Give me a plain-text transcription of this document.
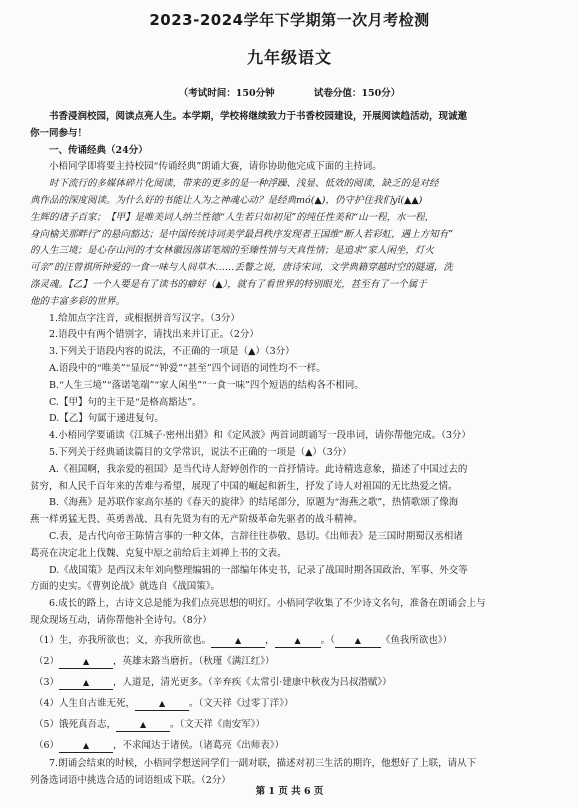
2023-2024学年下学期第一次月考检测
九年级语文
（考试时间：150分钟	试卷分值：150分）
书香浸润校园，阅读点亮人生。本学期，学校将继续致力于书香校园建设，开展阅读趋活动，现诚邀
你一同参与！
一、传诵经典（24分）
小梧同学即将要主持校园“传诵经典”朗诵大赛，请你协助他完成下面的主持词。
时下流行的多媒体碎片化阅读，带来的更多的是一种浮躁、浅显、低效的阅读，缺乏的是对经
典作品的深度阅读。为什么好的书能让人为之神魂心动？是经典mó(▲)，仍守护住我们yǐ(▲▲)
生辉的诸子百家；【甲】是唯美词人纳兰性德“人生若只如初见”的纯任性美和“山一程，水一程，
身向榆关那畔行”的悬向豁达；是中国传统诗词美学最昌秩序发现者王国维“断人若彩虹，遇上方知有”
的人生三境；是心存山河的才女林徽因落诺笔端的至臻性情与天真性情；是追求“家人闲坐，灯火
可亲”的汪曾祺所钟爱的一食一味与人间草木……丢瞥之说，唐诗宋词，文学典籍穿越时空的隧道，洗
涤灵魂。【乙】一个人要是有了读书的癖好（▲），就有了看世界的特别眼光，甚至有了一个属于
他的丰富多彩的世界。
1.给加点字注音，或根据拼音写汉字。（3分）
2.语段中有两个错别字，请找出来并订正。（2分）
3.下列关于语段内容的说法，不正确的一项是（▲）（3分）
A.语段中的“唯美”“显辰”“钟爱”“甚至”四个词语的词性均不一样。
B.“人生三境”“落诺笔端”“家人闲坐”“一食一味”四个短语的结构各不相同。
C.【甲】句的主干是“是格高豁达”。
D.【乙】句属于递进复句。
4.小梧同学要诵读《江城子·密州出猎》和《定风波》两首词朗诵写一段串词，请你帮他完成。（3分）
5.下列关于经典诵读篇目的文学常识，说法不正确的一项是（▲）（3分）
A.《祖国啊，我亲爱的祖国》是当代诗人舒婷创作的一首抒情诗。此诗精选意象，描述了中国过去的
贫穷，和人民千百年来的苦难与希望，展现了中国的崛起和新生，抒发了诗人对祖国的无比热爱之情。
B.《海燕》是苏联作家高尔基的《春天的旋律》的结尾部分，原题为“海燕之歌”，热情歌颂了像海
燕一样勇猛无畏、英勇善战、具有先贤为有的无产阶级革命先驱者的战斗精神。
C.表，是古代向帝王陈情言事的一种文体，言辞往往恭敬、恳切。《出师表》是三国时期蜀汉丞相诸
葛亮在决定北上伐魏、克复中原之前给后主刘禅上书的文表。
D.《战国策》是西汉末年刘向整理编辑的一部编年体史书，记录了战国时期各国政治、军事、外交等
方面的史实。《曹刿论战》就选自《战国策》。
6.成长的路上，古诗文总是能为我们点亮思想的明灯。小梧同学收集了不少诗文名句，准备在朗诵会上与
现众现场互动，请你帮他补全诗句。（8分）
（1）生，亦我所欲也；义，亦我所欲也。	▲	， ▲ 。（ ▲ 《鱼我所欲也》）
（2）	▲	，英雄末路当磨折。（秋瑾《满江红》）
（3）	▲	，人道是，清光更多。（辛弃疾《太常引·建康中秋夜为吕叔潜赋》）
（4）人生自古谁无死，	▲	。（文天祥《过零丁洋》）
（5）饿死真吾志，	▲	。（文天祥《南安军》）
（6）	▲	，不求闻达于诸侯。（诸葛亮《出师表》）
7.朗诵会结束的时候，小梧同学想送同学们一副对联，描述对初三生活的期许，他想好了上联，请从下
列备选词语中挑选合适的词语组成下联。（2分）
第 1 页 共 6 页
